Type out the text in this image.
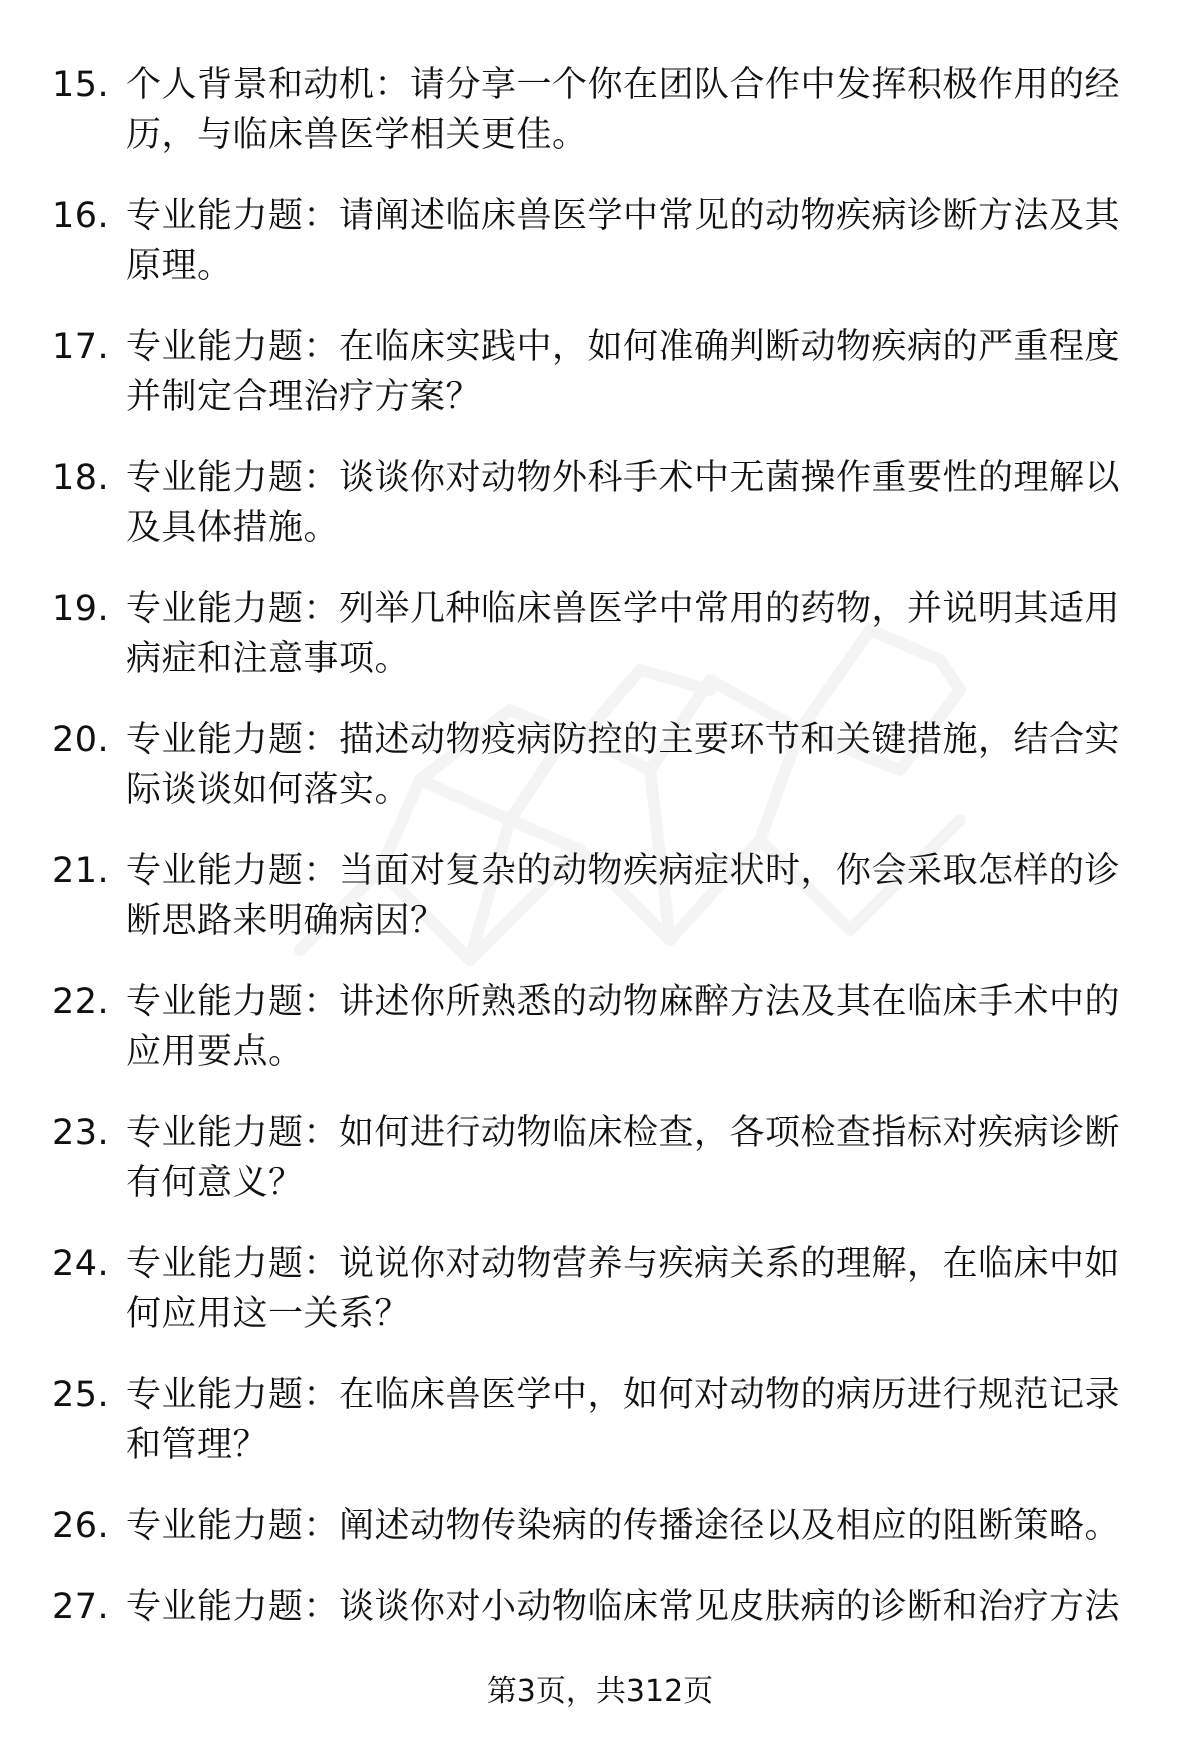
15. 个人背景和动机：请分享一个你在团队合作中发挥积极作用的经历，与临床兽医学相关更佳。
16. 专业能力题：请阐述临床兽医学中常见的动物疾病诊断方法及其原理。
17. 专业能力题：在临床实践中，如何准确判断动物疾病的严重程度并制定合理治疗方案？
18. 专业能力题：谈谈你对动物外科手术中无菌操作重要性的理解以及具体措施。
19. 专业能力题：列举几种临床兽医学中常用的药物，并说明其适用病症和注意事项。
20. 专业能力题：描述动物疫病防控的主要环节和关键措施，结合实际谈谈如何落实。
21. 专业能力题：当面对复杂的动物疾病症状时，你会采取怎样的诊断思路来明确病因？
22. 专业能力题：讲述你所熟悉的动物麻醉方法及其在临床手术中的应用要点。
23. 专业能力题：如何进行动物临床检查，各项检查指标对疾病诊断有何意义？
24. 专业能力题：说说你对动物营养与疾病关系的理解，在临床中如何应用这一关系？
25. 专业能力题：在临床兽医学中，如何对动物的病历进行规范记录和管理？
26. 专业能力题：阐述动物传染病的传播途径以及相应的阻断策略。
27. 专业能力题：谈谈你对小动物临床常见皮肤病的诊断和治疗方法
第3页，共312页
